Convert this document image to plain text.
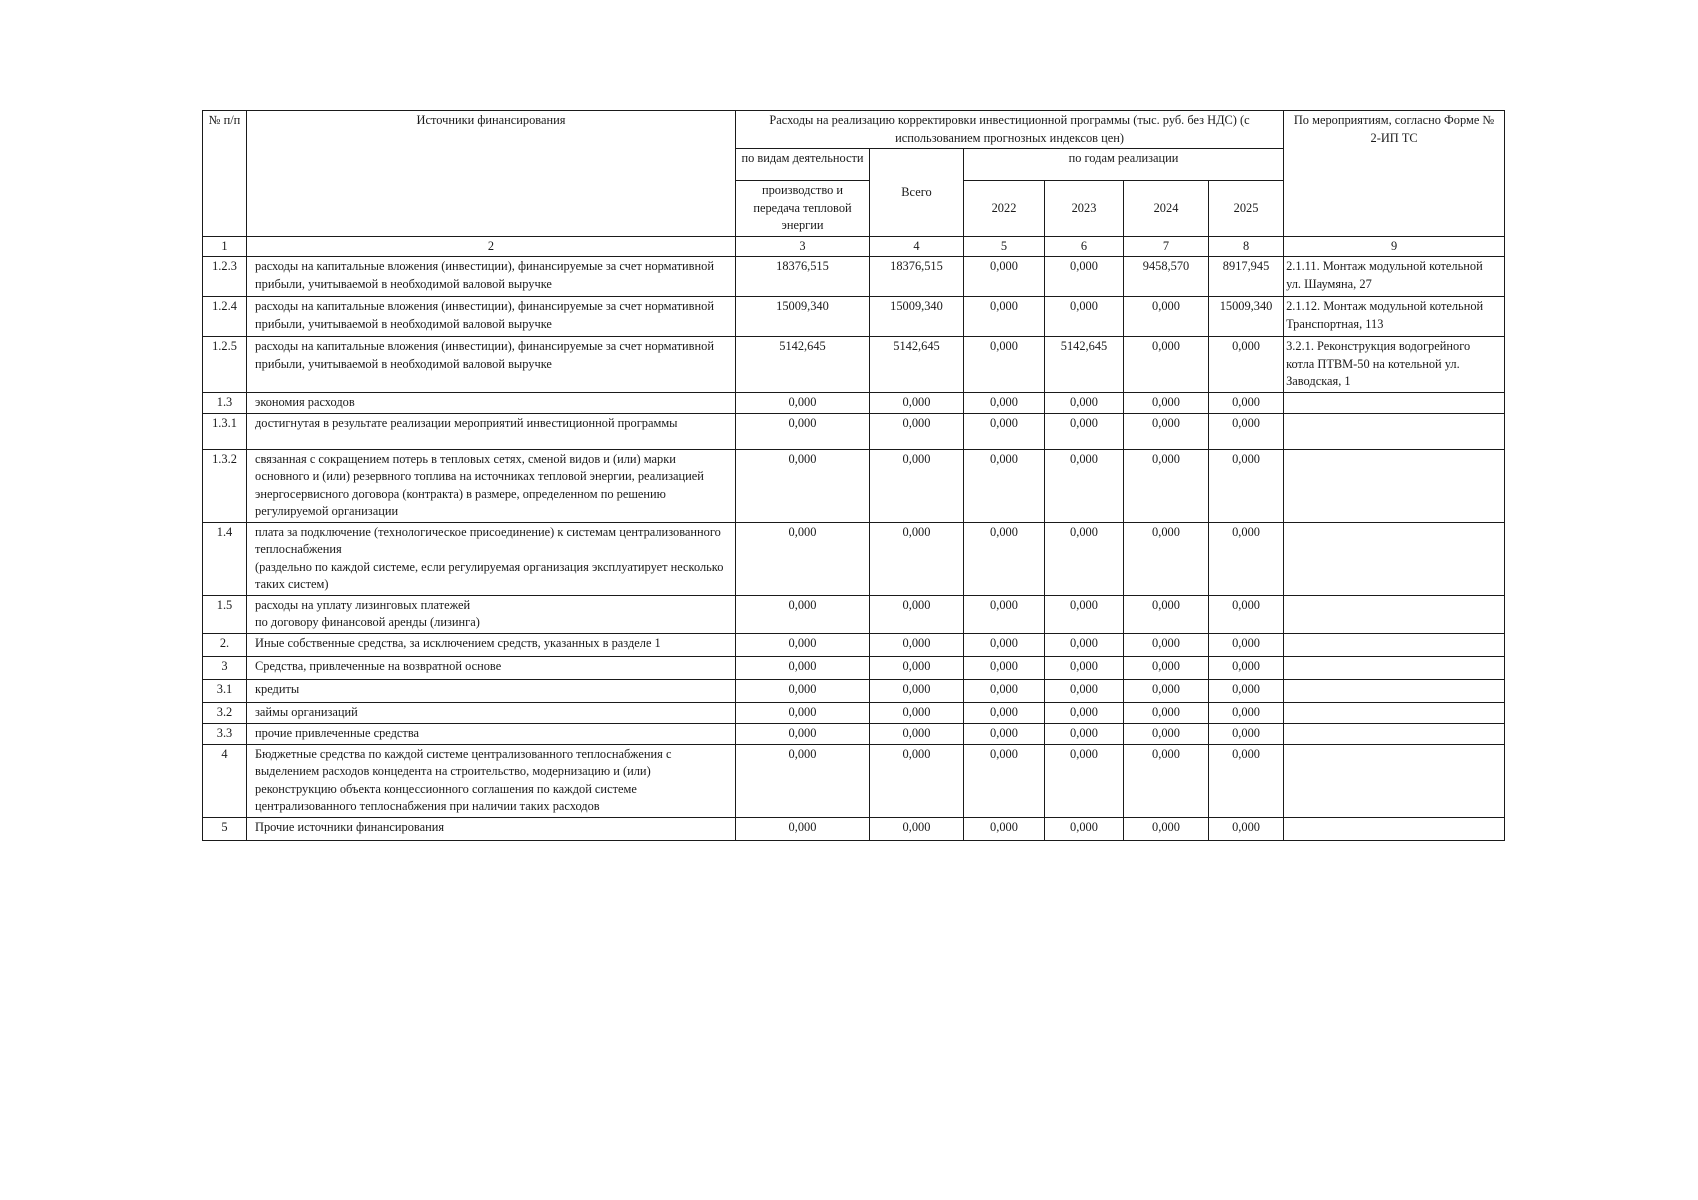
№ п/п	Источники финансирования	Расходы на реализацию корректировки инвестиционной программы (тыс. руб. без НДС) (с использованием прогнозных индексов цен)						По мероприятиям, согласно Форме № 2-ИП ТС
		по видам деятельности	Всего	по годам реализации				
		производство и передача тепловой энергии						
				2022	2023	2024	2025	

1	2	3	4	5	6	7	8	9
1.2.3	расходы на капитальные вложения (инвестиции), финансируемые за счет нормативной прибыли, учитываемой в необходимой валовой выручке	18376,515	18376,515	0,000	0,000	9458,570	8917,945	2.1.11. Монтаж модульной котельной ул. Шаумяна, 27
1.2.4	расходы на капитальные вложения (инвестиции), финансируемые за счет нормативной прибыли, учитываемой в необходимой валовой выручке	15009,340	15009,340	0,000	0,000	0,000	15009,340	2.1.12. Монтаж модульной котельной Транспортная, 113
1.2.5	расходы на капитальные вложения (инвестиции), финансируемые за счет нормативной прибыли, учитываемой в необходимой валовой выручке	5142,645	5142,645	0,000	5142,645	0,000	0,000	3.2.1. Реконструкция водогрейного котла ПТВМ-50 на котельной ул. Заводская, 1
1.3	экономия расходов	0,000	0,000	0,000	0,000	0,000	0,000	
1.3.1	достигнутая в результате реализации мероприятий инвестиционной программы	0,000	0,000	0,000	0,000	0,000	0,000	
1.3.2	связанная с сокращением потерь в тепловых сетях, сменой видов и (или) марки основного и (или) резервного топлива на источниках тепловой энергии, реализацией энергосервисного договора (контракта) в размере, определенном по решению регулируемой организации	0,000	0,000	0,000	0,000	0,000	0,000	
1.4	плата за подключение (технологическое присоединение) к системам централизованного теплоснабжения
(раздельно по каждой системе, если регулируемая организация эксплуатирует несколько таких систем)	0,000	0,000	0,000	0,000	0,000	0,000	
1.5	расходы на уплату лизинговых платежей
по договору финансовой аренды (лизинга)	0,000	0,000	0,000	0,000	0,000	0,000	
2.	Иные собственные средства, за исключением средств, указанных в разделе 1	0,000	0,000	0,000	0,000	0,000	0,000	
3	Средства, привлеченные на возвратной основе	0,000	0,000	0,000	0,000	0,000	0,000	
3.1	кредиты	0,000	0,000	0,000	0,000	0,000	0,000	
3.2	займы организаций	0,000	0,000	0,000	0,000	0,000	0,000	
3.3	прочие привлеченные средства	0,000	0,000	0,000	0,000	0,000	0,000	
4	Бюджетные средства по каждой системе централизованного теплоснабжения с выделением расходов концедента на строительство, модернизацию и (или) реконструкцию объекта концессионного соглашения по каждой системе централизованного теплоснабжения при наличии таких расходов	0,000	0,000	0,000	0,000	0,000	0,000	
5	Прочие источники финансирования	0,000	0,000	0,000	0,000	0,000	0,000	
